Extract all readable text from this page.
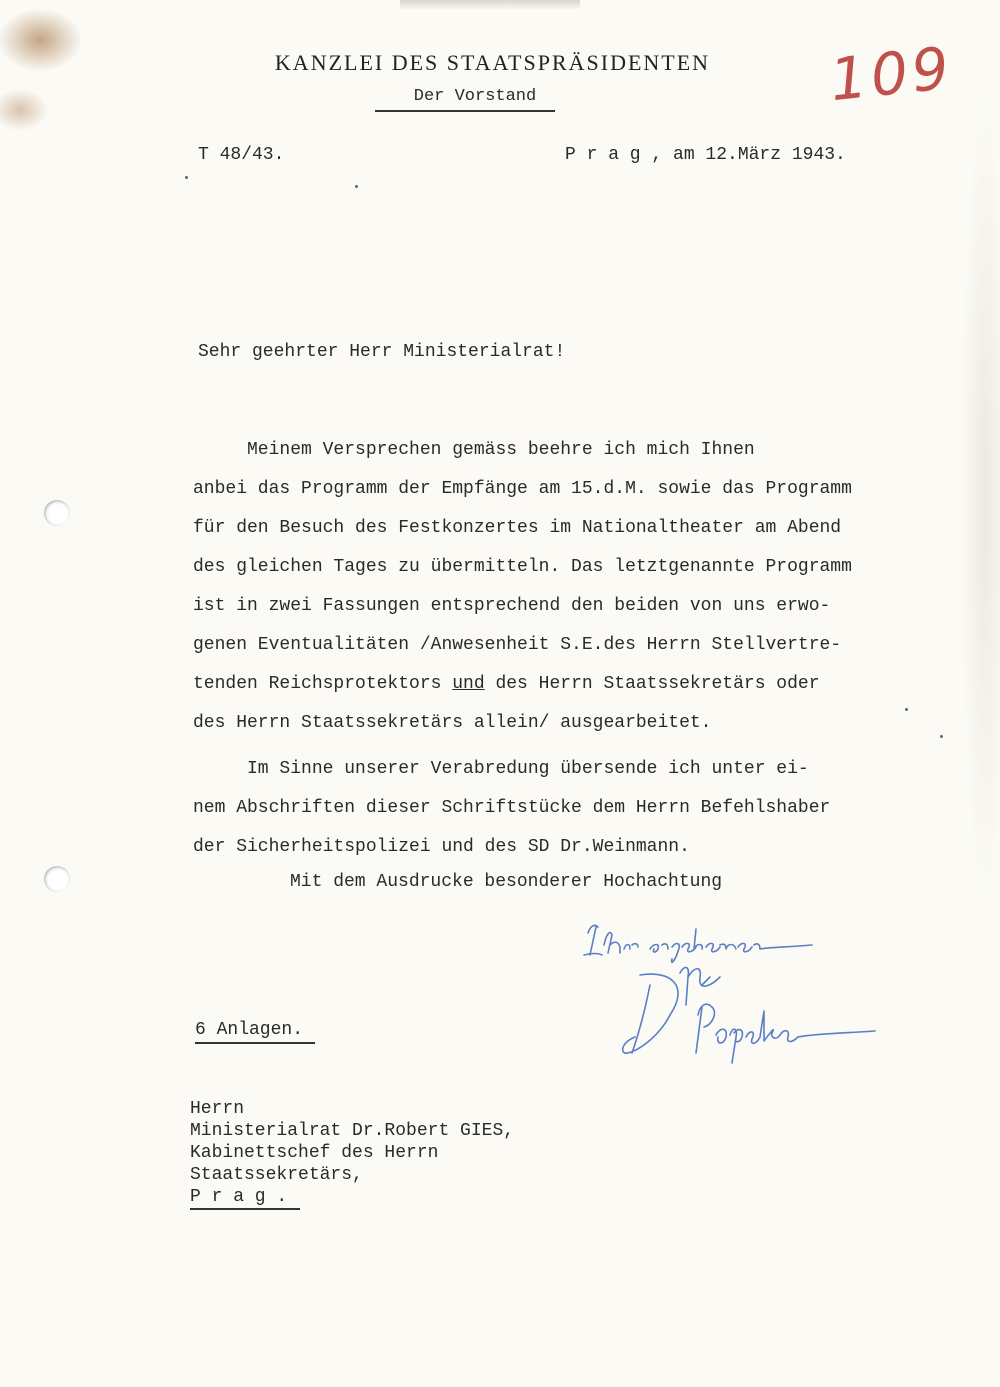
KANZLEI DES STAATSPRÄSIDENTEN
Der Vorstand	109
T 48/43.	P r a g , am 12.März 1943.
Sehr geehrter Herr Ministerialrat!
Meinem Versprechen gemäss beehre ich mich Ihnen
anbei das Programm der Empfänge am 15.d.M. sowie das Programm
für den Besuch des Festkonzertes im Nationaltheater am Abend
des gleichen Tages zu übermitteln. Das letztgenannte Programm
ist in zwei Fassungen entsprechend den beiden von uns erwo-
genen Eventualitäten /Anwesenheit S.E.des Herrn Stellvertre-
tenden Reichsprotektors und des Herrn Staatssekretärs oder
des Herrn Staatssekretärs allein/ ausgearbeitet.
Im Sinne unserer Verabredung übersende ich unter ei-
nem Abschriften dieser Schriftstücke dem Herrn Befehlshaber
der Sicherheitspolizei und des SD Dr.Weinmann.
Mit dem Ausdrucke besonderer Hochachtung
6 Anlagen.
Herrn
Ministerialrat Dr.Robert GIES,
Kabinettschef des Herrn
Staatssekretärs,
P r a g .
